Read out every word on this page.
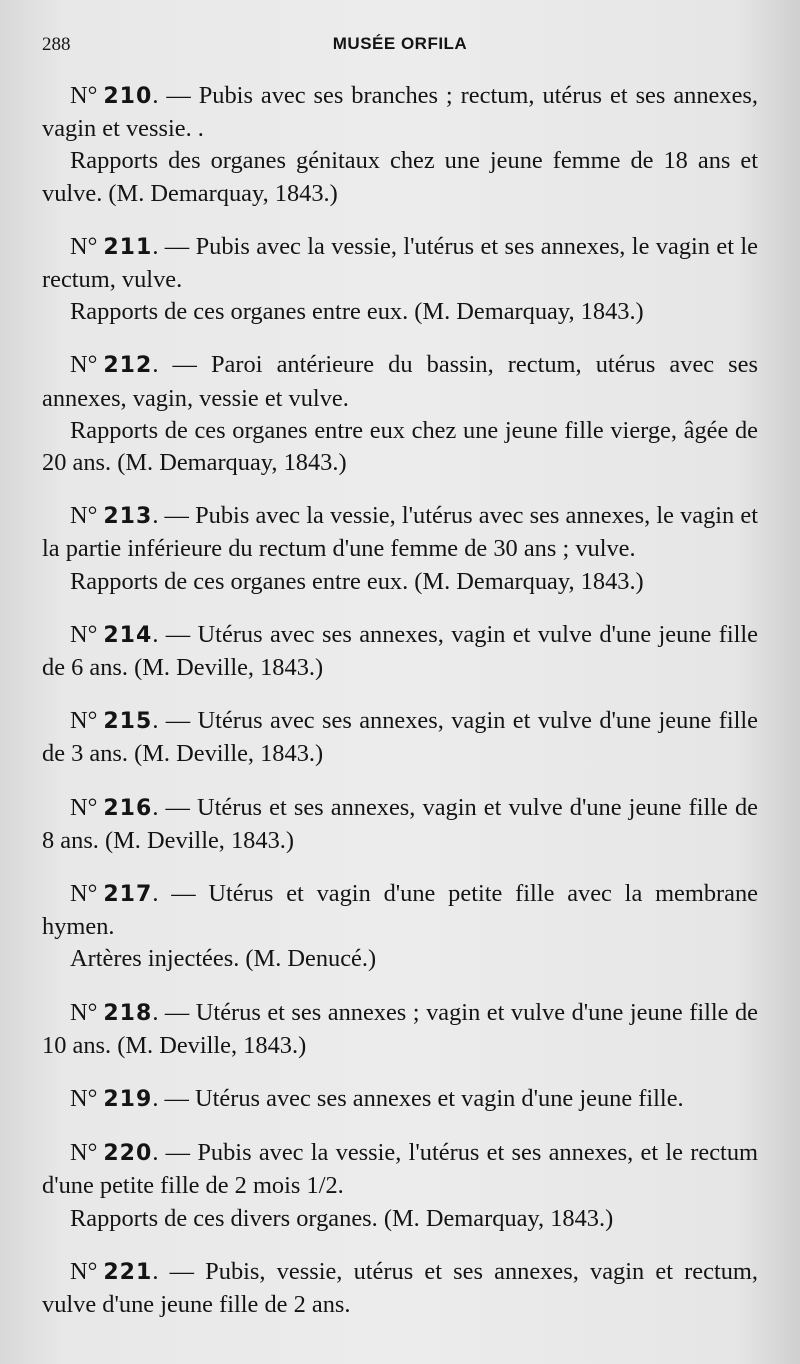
288	MUSÉE ORFILA

N° 210. — Pubis avec ses branches ; rectum, utérus et ses annexes, vagin et vessie. .

Rapports des organes génitaux chez une jeune femme de 18 ans et vulve. (M. Demarquay, 1843.)

N° 211. — Pubis avec la vessie, l'utérus et ses annexes, le vagin et le rectum, vulve.

Rapports de ces organes entre eux. (M. Demarquay, 1843.)

N° 212. — Paroi antérieure du bassin, rectum, utérus avec ses annexes, vagin, vessie et vulve.

Rapports de ces organes entre eux chez une jeune fille vierge, âgée de 20 ans. (M. Demarquay, 1843.)

N° 213. — Pubis avec la vessie, l'utérus avec ses annexes, le vagin et la partie inférieure du rectum d'une femme de 30 ans ; vulve.

Rapports de ces organes entre eux. (M. Demarquay, 1843.)

N° 214. — Utérus avec ses annexes, vagin et vulve d'une jeune fille de 6 ans. (M. Deville, 1843.)

N° 215. — Utérus avec ses annexes, vagin et vulve d'une jeune fille de 3 ans. (M. Deville, 1843.)

N° 216. — Utérus et ses annexes, vagin et vulve d'une jeune fille de 8 ans. (M. Deville, 1843.)

N° 217. — Utérus et vagin d'une petite fille avec la membrane hymen.

Artères injectées. (M. Denucé.)

N° 218. — Utérus et ses annexes ; vagin et vulve d'une jeune fille de 10 ans. (M. Deville, 1843.)

N° 219. — Utérus avec ses annexes et vagin d'une jeune fille.

N° 220. — Pubis avec la vessie, l'utérus et ses annexes, et le rectum d'une petite fille de 2 mois 1/2.

Rapports de ces divers organes. (M. Demarquay, 1843.)

N° 221. — Pubis, vessie, utérus et ses annexes, vagin et rectum, vulve d'une jeune fille de 2 ans.
